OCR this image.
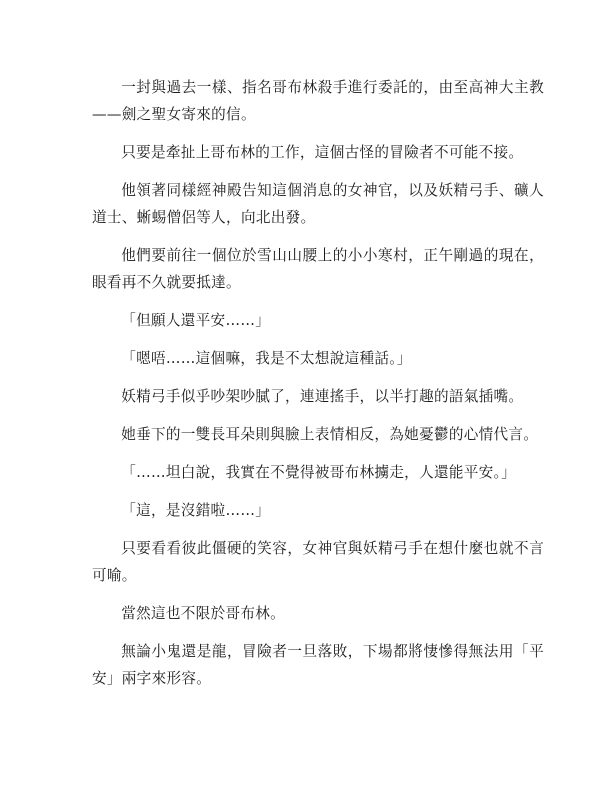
一封與過去一樣、指名哥布林殺手進行委託的，由至高神大主教——劍之聖女寄來的信。

只要是牽扯上哥布林的工作，這個古怪的冒險者不可能不接。

他領著同樣經神殿告知這個消息的女神官，以及妖精弓手、礦人道士、蜥蜴僧侶等人，向北出發。

他們要前往一個位於雪山山腰上的小小寒村，正午剛過的現在，眼看再不久就要抵達。

「但願人還平安……」

「嗯唔……這個嘛，我是不太想說這種話。」

妖精弓手似乎吵架吵膩了，連連搖手，以半打趣的語氣插嘴。

她垂下的一雙長耳朵則與臉上表情相反，為她憂鬱的心情代言。

「……坦白說，我實在不覺得被哥布林擄走，人還能平安。」

「這，是沒錯啦……」

只要看看彼此僵硬的笑容，女神官與妖精弓手在想什麼也就不言可喻。

當然這也不限於哥布林。

無論小鬼還是龍，冒險者一旦落敗，下場都將悽慘得無法用「平安」兩字來形容。
